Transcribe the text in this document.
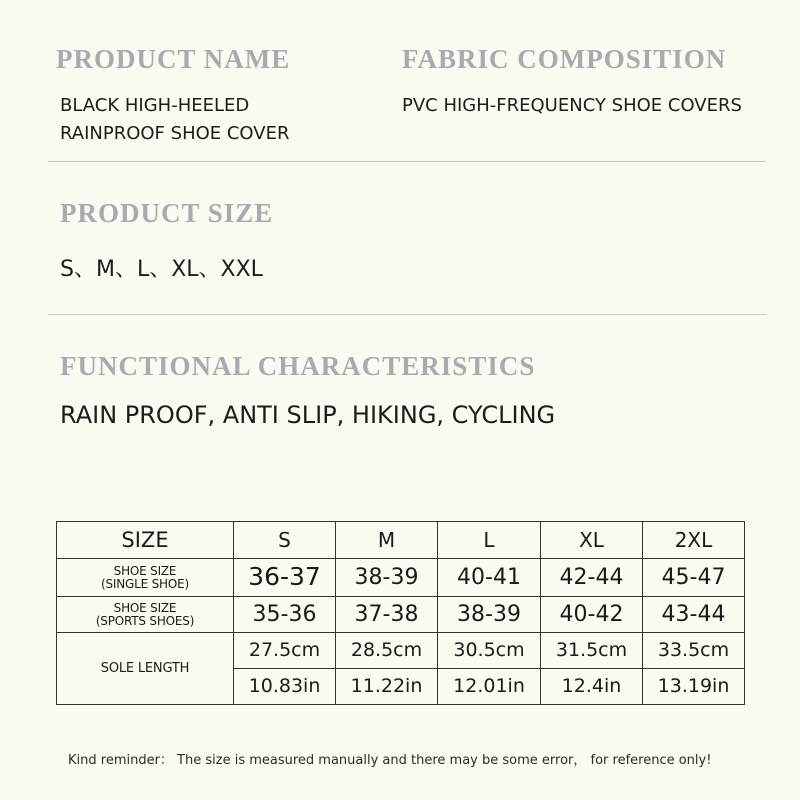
PRODUCT NAME

BLACK HIGH-HEELED

RAINPROOF SHOE COVER

FABRIC COMPOSITION

PVC HIGH-FREQUENCY SHOE COVERS

PRODUCT SIZE

S、M、L、XL、XXL

FUNCTIONAL CHARACTERISTICS

RAIN PROOF, ANTI SLIP, HIKING, CYCLING

SIZE	S	M	L	XL	2XL
SHOE SIZE
(SINGLE SHOE)	36-37	38-39	40-41	42-44	45-47
SHOE SIZE
(SPORTS SHOES)	35-36	37-38	38-39	40-42	43-44
SOLE LENGTH	27.5cm	28.5cm	30.5cm	31.5cm	33.5cm
	10.83in	11.22in	12.01in	12.4in	13.19in

Kind reminder： The size is measured manually and there may be some error， for reference only!
